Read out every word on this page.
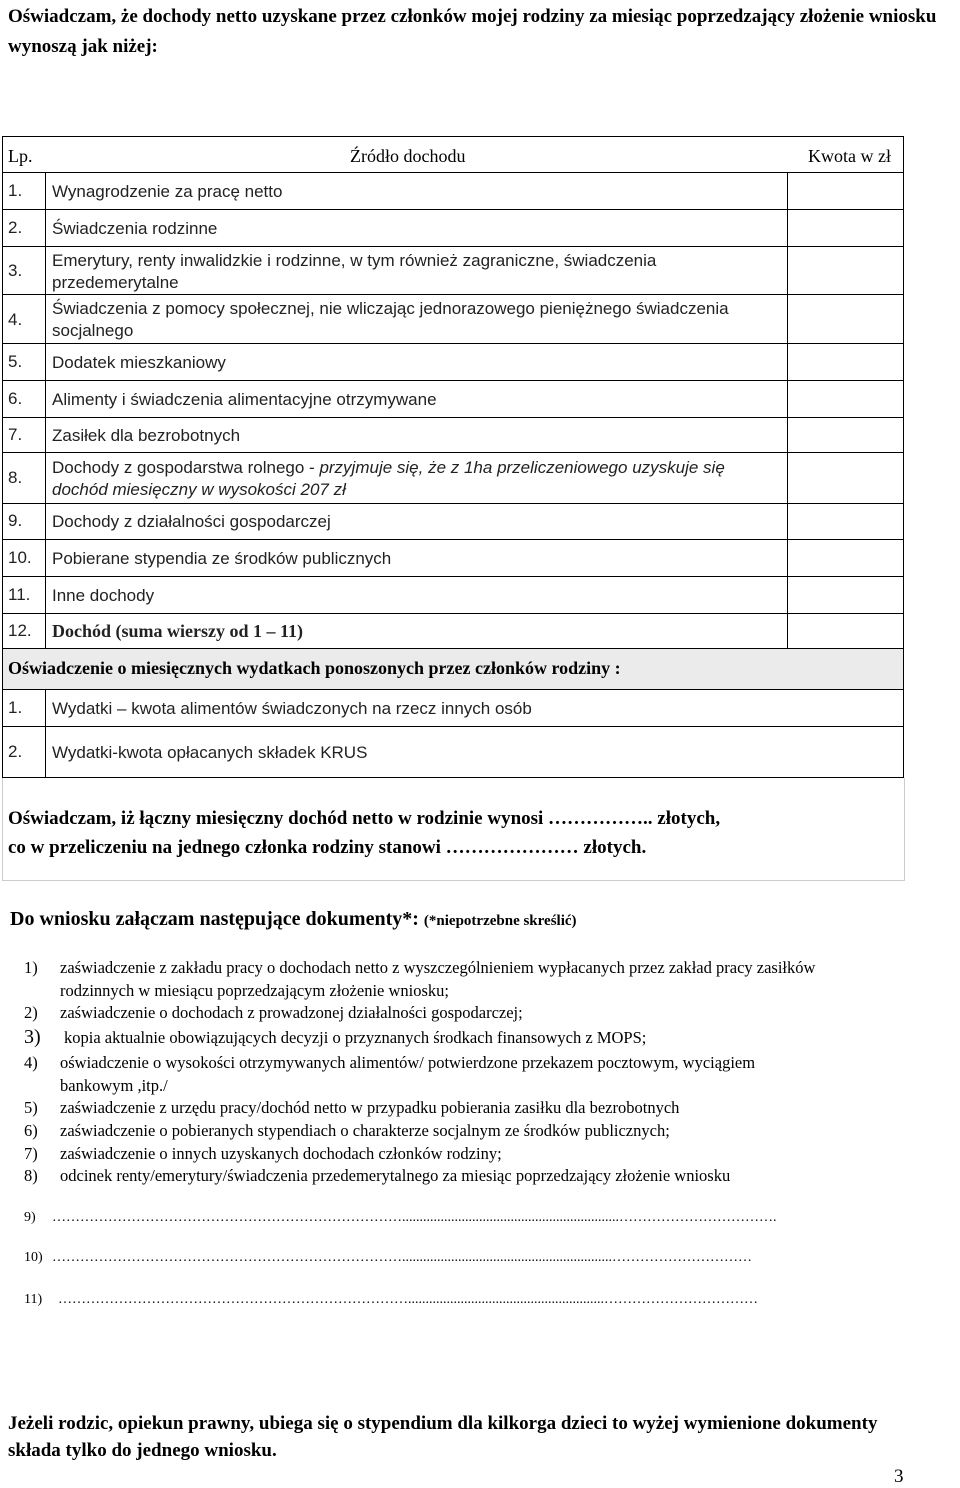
Oświadczam, że dochody netto uzyskane przez członków mojej rodziny za miesiąc poprzedzający złożenie wniosku wynoszą jak niżej:
Lp.	Źródło dochodu	Kwota w zł
1. Wynagrodzenie za pracę netto
2. Świadczenia rodzinne
3.
Emerytury, renty inwalidzkie i rodzinne, w tym również zagraniczne, świadczenia przedemerytalne
4.
Świadczenia z pomocy społecznej, nie wliczając jednorazowego pieniężnego świadczenia socjalnego
5. Dodatek mieszkaniowy
6. Alimenty i świadczenia alimentacyjne otrzymywane
7. Zasiłek dla bezrobotnych
8.
Dochody z gospodarstwa rolnego - przyjmuje się, że z 1ha przeliczeniowego uzyskuje się dochód miesięczny w wysokości 207 zł
9. Dochody z działalności gospodarczej
10. Pobierane stypendia ze środków publicznych
11. Inne dochody
12. Dochód (suma wierszy od 1 – 11)
Oświadczenie o miesięcznych wydatkach ponoszonych przez członków rodziny :
1. Wydatki – kwota alimentów świadczonych na rzecz innych osób
2. Wydatki-kwota opłacanych składek KRUS
Oświadczam, iż łączny miesięczny dochód netto w rodzinie wynosi …………….. złotych,
co w przeliczeniu na jednego członka rodziny stanowi ………………… złotych.
Do wniosku załączam następujące dokumenty*: (*niepotrzebne skreślić)
1) zaświadczenie z zakładu pracy o dochodach netto z wyszczególnieniem wypłacanych przez zakład pracy zasiłków
rodzinnych w miesiącu poprzedzającym złożenie wniosku;
2) zaświadczenie o dochodach z prowadzonej działalności gospodarczej;
3) kopia aktualnie obowiązujących decyzji o przyznanych środkach finansowych z MOPS;
4) oświadczenie o wysokości otrzymywanych alimentów/ potwierdzone przekazem pocztowym, wyciągiem
bankowym ,itp./
5) zaświadczenie z urzędu pracy/dochód netto w przypadku pobierania zasiłku dla bezrobotnych
6) zaświadczenie o pobieranych stypendiach o charakterze socjalnym ze środków publicznych;
7) zaświadczenie o innych uzyskanych dochodach członków rodziny;
8) odcinek renty/emerytury/świadczenia przedemerytalnego za miesiąc poprzedzający złożenie wniosku
9) …………………………………………………………………..............................................................…………………………….
10) …………………………………………………………………............................................................…………………………
11) …………………………………………………………………........................................................……………………………
Jeżeli rodzic, opiekun prawny, ubiega się o stypendium dla kilkorga dzieci to wyżej wymienione dokumenty składa tylko do jednego wniosku.
3
